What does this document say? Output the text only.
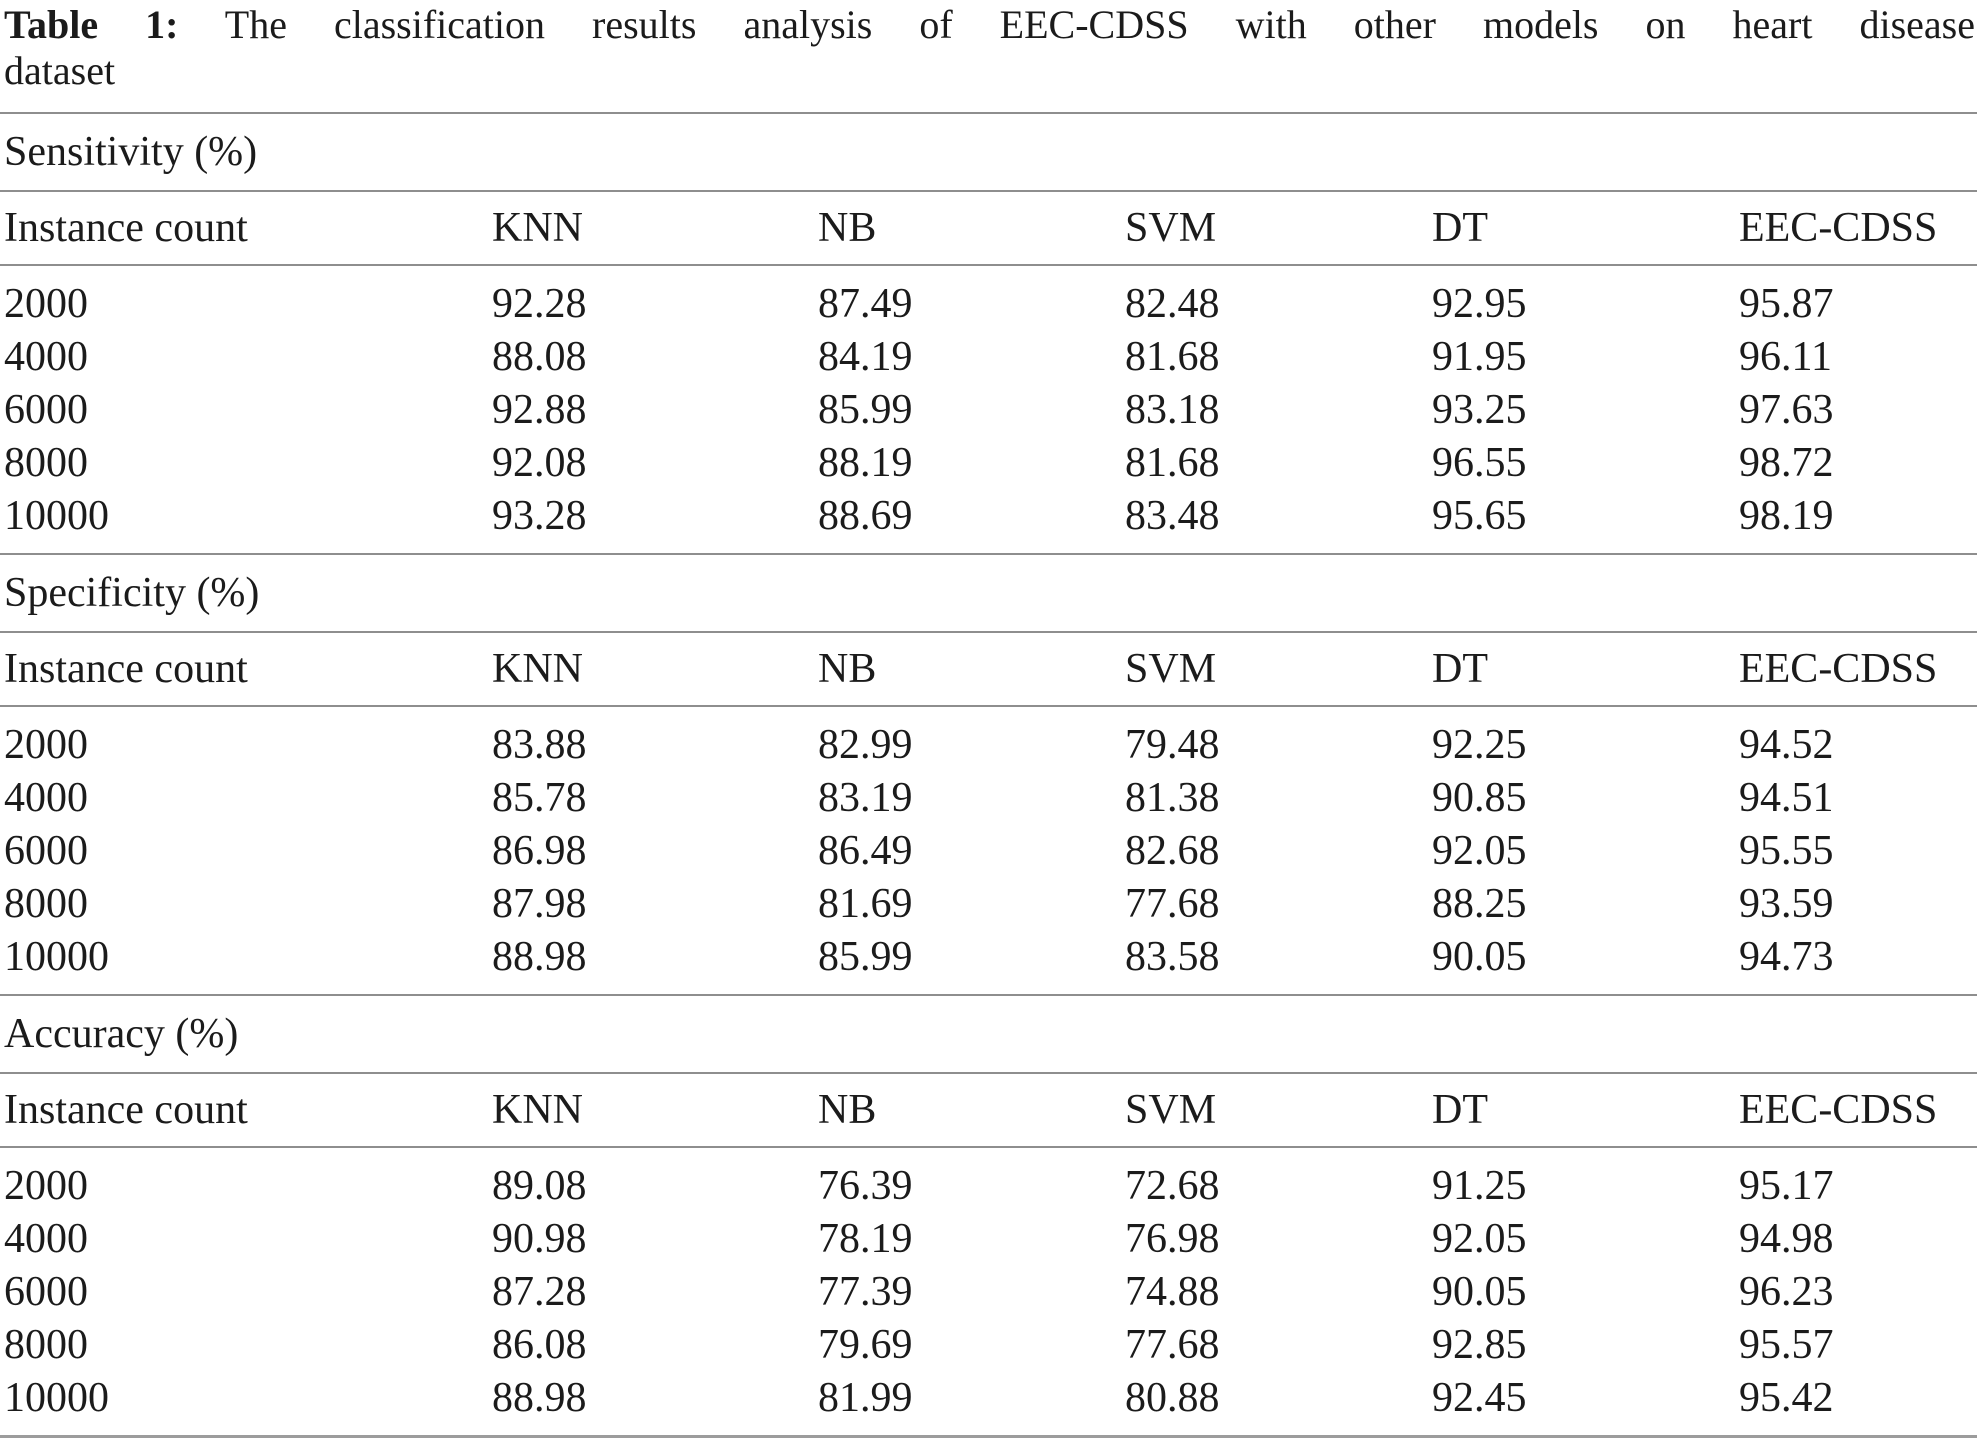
Table 1: The classification results analysis of EEC-CDSS with other models on heart disease
dataset
Sensitivity (%)
Instance count	KNN	NB	SVM	DT	EEC-CDSS
2000	92.28	87.49	82.48	92.95	95.87
4000	88.08	84.19	81.68	91.95	96.11
6000	92.88	85.99	83.18	93.25	97.63
8000	92.08	88.19	81.68	96.55	98.72
10000	93.28	88.69	83.48	95.65	98.19
Specificity (%)
Instance count	KNN	NB	SVM	DT	EEC-CDSS
2000	83.88	82.99	79.48	92.25	94.52
4000	85.78	83.19	81.38	90.85	94.51
6000	86.98	86.49	82.68	92.05	95.55
8000	87.98	81.69	77.68	88.25	93.59
10000	88.98	85.99	83.58	90.05	94.73
Accuracy (%)
Instance count	KNN	NB	SVM	DT	EEC-CDSS
2000	89.08	76.39	72.68	91.25	95.17
4000	90.98	78.19	76.98	92.05	94.98
6000	87.28	77.39	74.88	90.05	96.23
8000	86.08	79.69	77.68	92.85	95.57
10000	88.98	81.99	80.88	92.45	95.42
